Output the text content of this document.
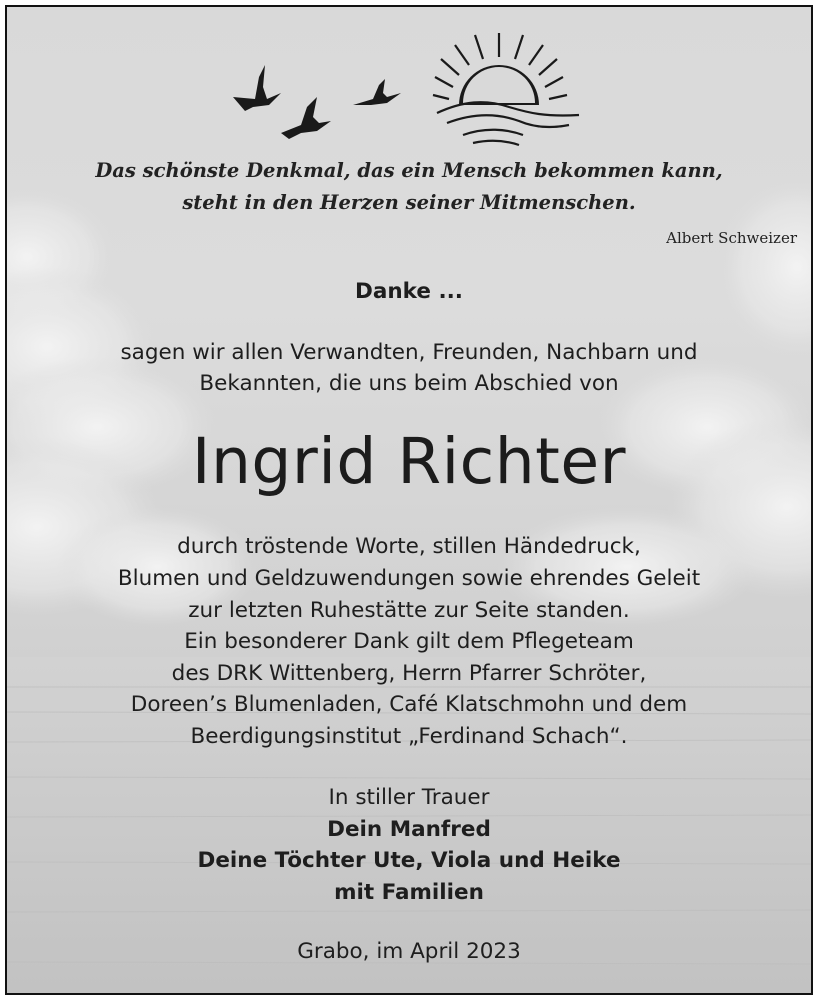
Das schönste Denkmal, das ein Mensch bekommen kann,

steht in den Herzen seiner Mitmenschen.

Albert Schweizer
Danke ...
sagen wir allen Verwandten, Freunden, Nachbarn und
Bekannten, die uns beim Abschied von
Ingrid Richter
durch tröstende Worte, stillen Händedruck,
Blumen und Geldzuwendungen sowie ehrendes Geleit
zur letzten Ruhestätte zur Seite standen.
Ein besonderer Dank gilt dem Pflegeteam
des DRK Wittenberg, Herrn Pfarrer Schröter,
Doreen’s Blumenladen, Café Klatschmohn und dem
Beerdigungsinstitut „Ferdinand Schach“.
In stiller Trauer
Dein Manfred
Deine Töchter Ute, Viola und Heike
mit Familien
Grabo, im April 2023
